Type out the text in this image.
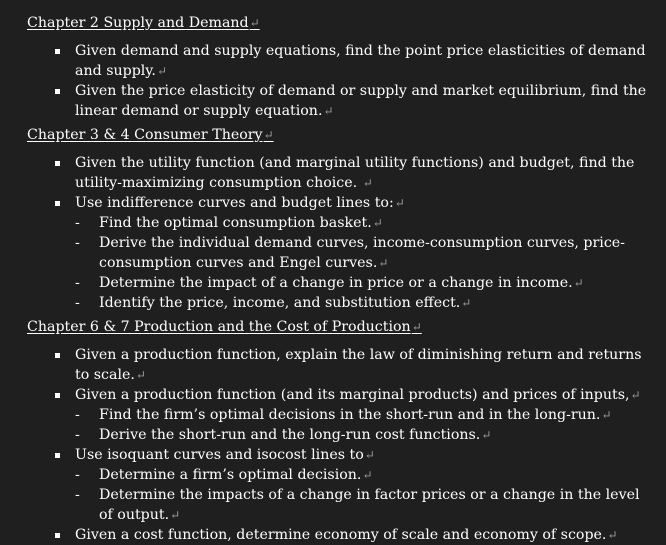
Chapter 2 Supply and Demand↵

Given demand and supply equations, find the point price elasticities of demand and supply.↵
Given the price elasticity of demand or supply and market equilibrium, find the linear demand or supply equation.↵

Chapter 3 & 4 Consumer Theory↵

Given the utility function (and marginal utility functions) and budget, find the utility-maximizing consumption choice. ↵
Use indifference curves and budget lines to:↵
- Find the optimal consumption basket.↵
- Derive the individual demand curves, income-consumption curves, price-consumption curves and Engel curves.↵
- Determine the impact of a change in price or a change in income.↵
- Identify the price, income, and substitution effect.↵

Chapter 6 & 7 Production and the Cost of Production↵

Given a production function, explain the law of diminishing return and returns to scale.↵
Given a production function (and its marginal products) and prices of inputs,↵
- Find the firm’s optimal decisions in the short-run and in the long-run.↵
- Derive the short-run and the long-run cost functions.↵
Use isoquant curves and isocost lines to↵
- Determine a firm’s optimal decision.↵
- Determine the impacts of a change in factor prices or a change in the level of output.↵
Given a cost function, determine economy of scale and economy of scope.↵
